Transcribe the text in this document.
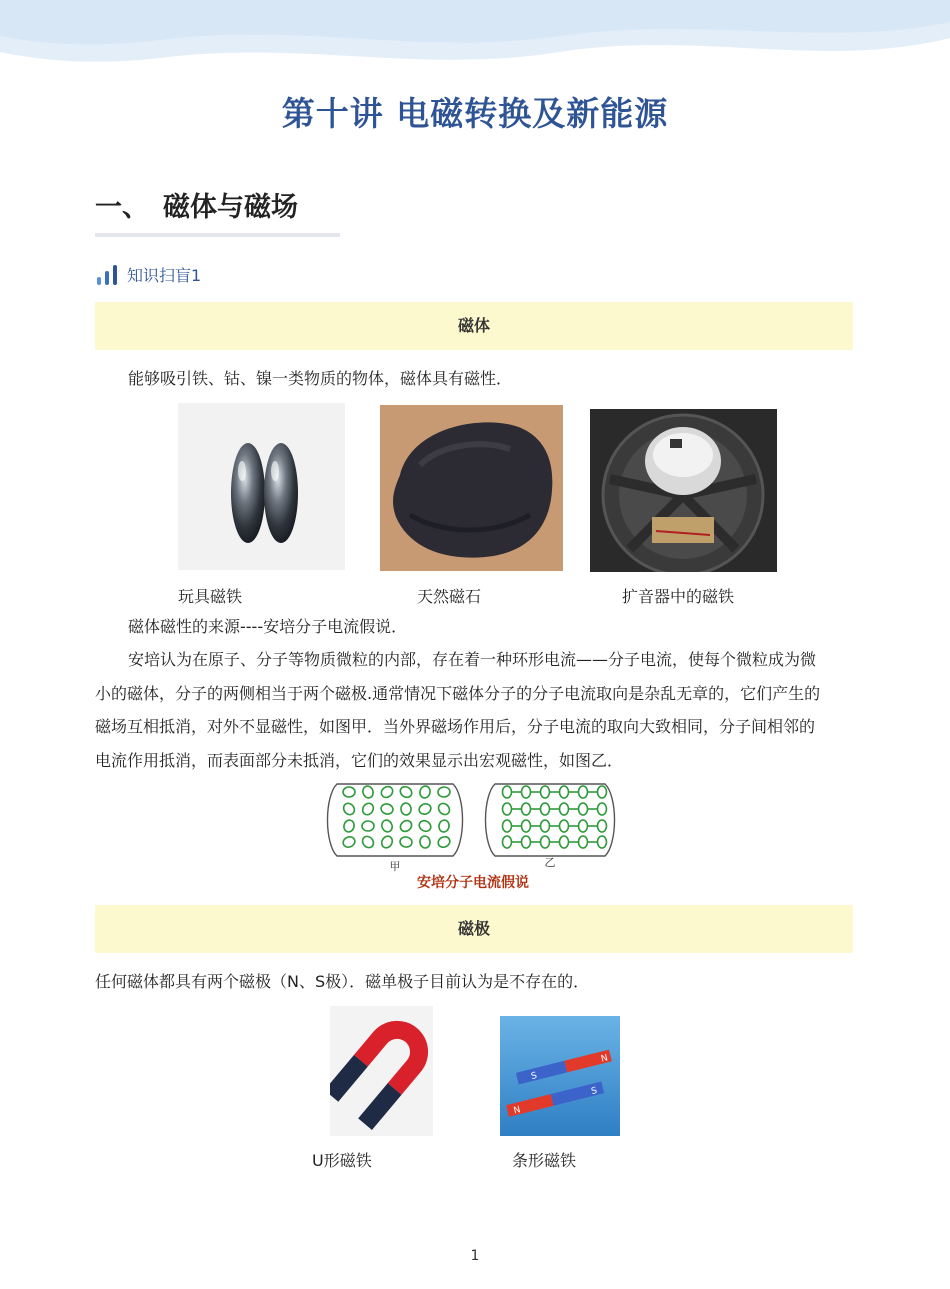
第十讲 电磁转换及新能源
一、 磁体与磁场
知识扫盲1
磁体
能够吸引铁、钴、镍一类物质的物体，磁体具有磁性．
玩具磁铁	天然磁石	扩音器中的磁铁
磁体磁性的来源----安培分子电流假说．
安培认为在原子、分子等物质微粒的内部，存在着一种环形电流——分子电流，使每个微粒成为微
小的磁体，分子的两侧相当于两个磁极.通常情况下磁体分子的分子电流取向是杂乱无章的，它们产生的
磁场互相抵消，对外不显磁性，如图甲．当外界磁场作用后，分子电流的取向大致相同，分子间相邻的
电流作用抵消，而表面部分未抵消，它们的效果显示出宏观磁性，如图乙．
甲	乙
安培分子电流假说
磁极
任何磁体都具有两个磁极（N、S极）．磁单极子目前认为是不存在的．
S
N
N
S
U形磁铁	条形磁铁
1
